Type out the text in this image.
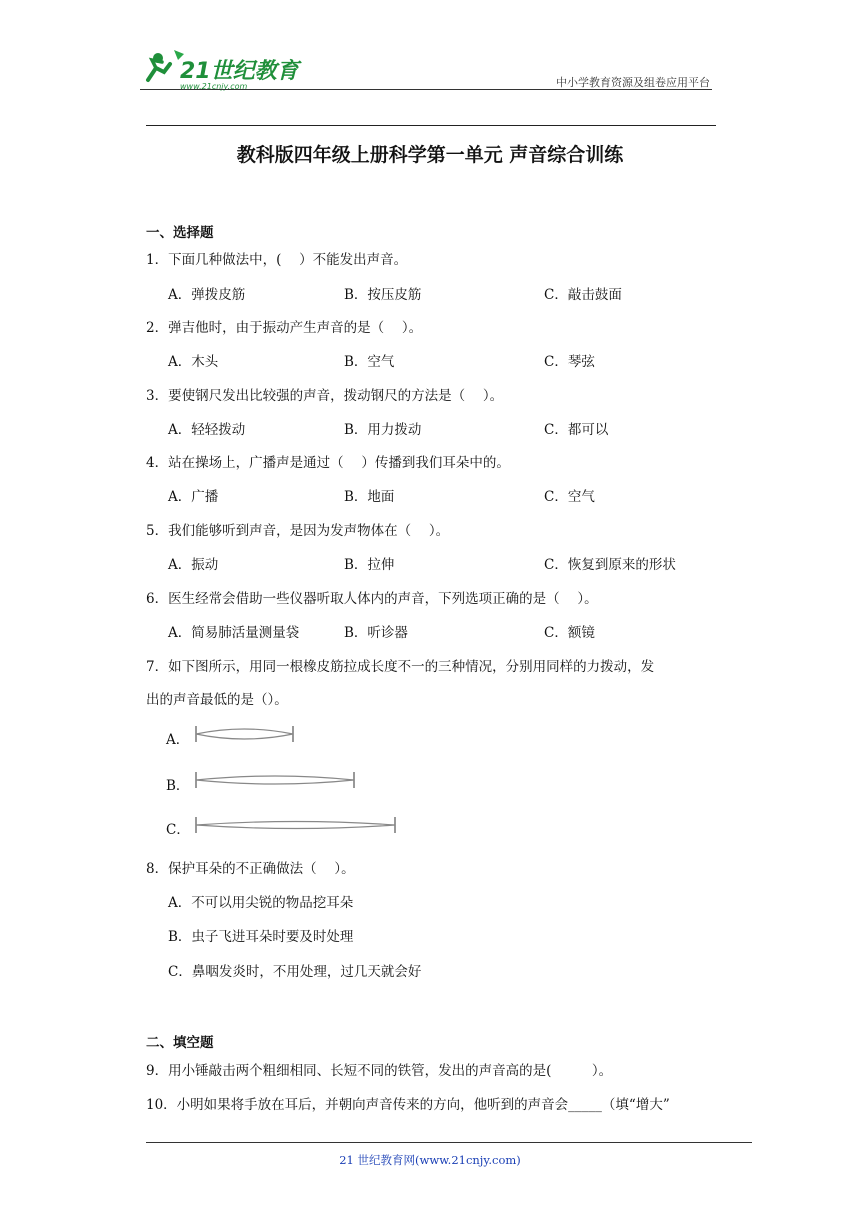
21世纪教育
www.21cnjy.com	中小学教育资源及组卷应用平台
教科版四年级上册科学第一单元 声音综合训练
一、选择题
1．下面几种做法中，(　 ）不能发出声音。
A．弹拨皮筋	B．按压皮筋	C．敲击鼓面
2．弹吉他时，由于振动产生声音的是（　 ）。
A．木头	B．空气	C．琴弦
3．要使钢尺发出比较强的声音，拨动钢尺的方法是（　 ）。
A．轻轻拨动	B．用力拨动	C．都可以
4．站在操场上，广播声是通过（　 ）传播到我们耳朵中的。
A．广播	B．地面	C．空气
5．我们能够听到声音，是因为发声物体在（　 ）。
A．振动	B．拉伸	C．恢复到原来的形状
6．医生经常会借助一些仪器听取人体内的声音，下列选项正确的是（　 ）。
A．简易肺活量测量袋	B．听诊器	C．额镜
7．如下图所示，用同一根橡皮筋拉成长度不一的三种情况，分别用同样的力拨动，发
出的声音最低的是（）。
A．
B．
C．
8．保护耳朵的不正确做法（　 ）。
A．不可以用尖锐的物品挖耳朵
B．虫子飞进耳朵时要及时处理
C．鼻咽发炎时，不用处理，过几天就会好
二、填空题
9．用小锤敲击两个粗细相同、长短不同的铁管，发出的声音高的是(　　　）。
10．小明如果将手放在耳后，并朝向声音传来的方向，他听到的声音会_____（填“增大”
21 世纪教育网(www.21cnjy.com)
